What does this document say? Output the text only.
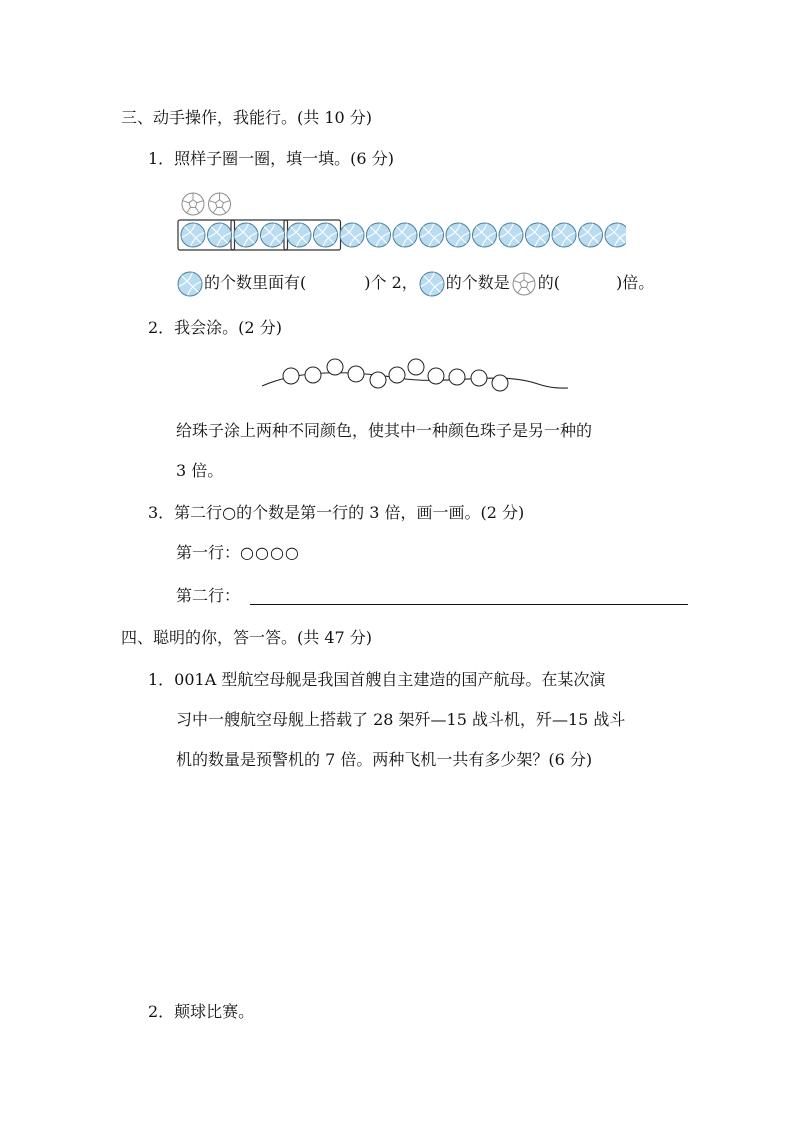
三、动手操作，我能行。(共 10 分)
1．照样子圈一圈，填一填。(6 分)
的个数里面有(	)个 2， 的个数是 的(	)倍。
2．我会涂。(2 分)
给珠子涂上两种不同颜色，使其中一种颜色珠子是另一种的
3 倍。
3．第二行○的个数是第一行的 3 倍，画一画。(2 分)
第一行：○○○○
第二行：
四、聪明的你，答一答。(共 47 分)
1．001A 型航空母舰是我国首艘自主建造的国产航母。在某次演
习中一艘航空母舰上搭载了 28 架歼—15 战斗机，歼—15 战斗
机的数量是预警机的 7 倍。两种飞机一共有多少架？(6 分)
2．颠球比赛。
